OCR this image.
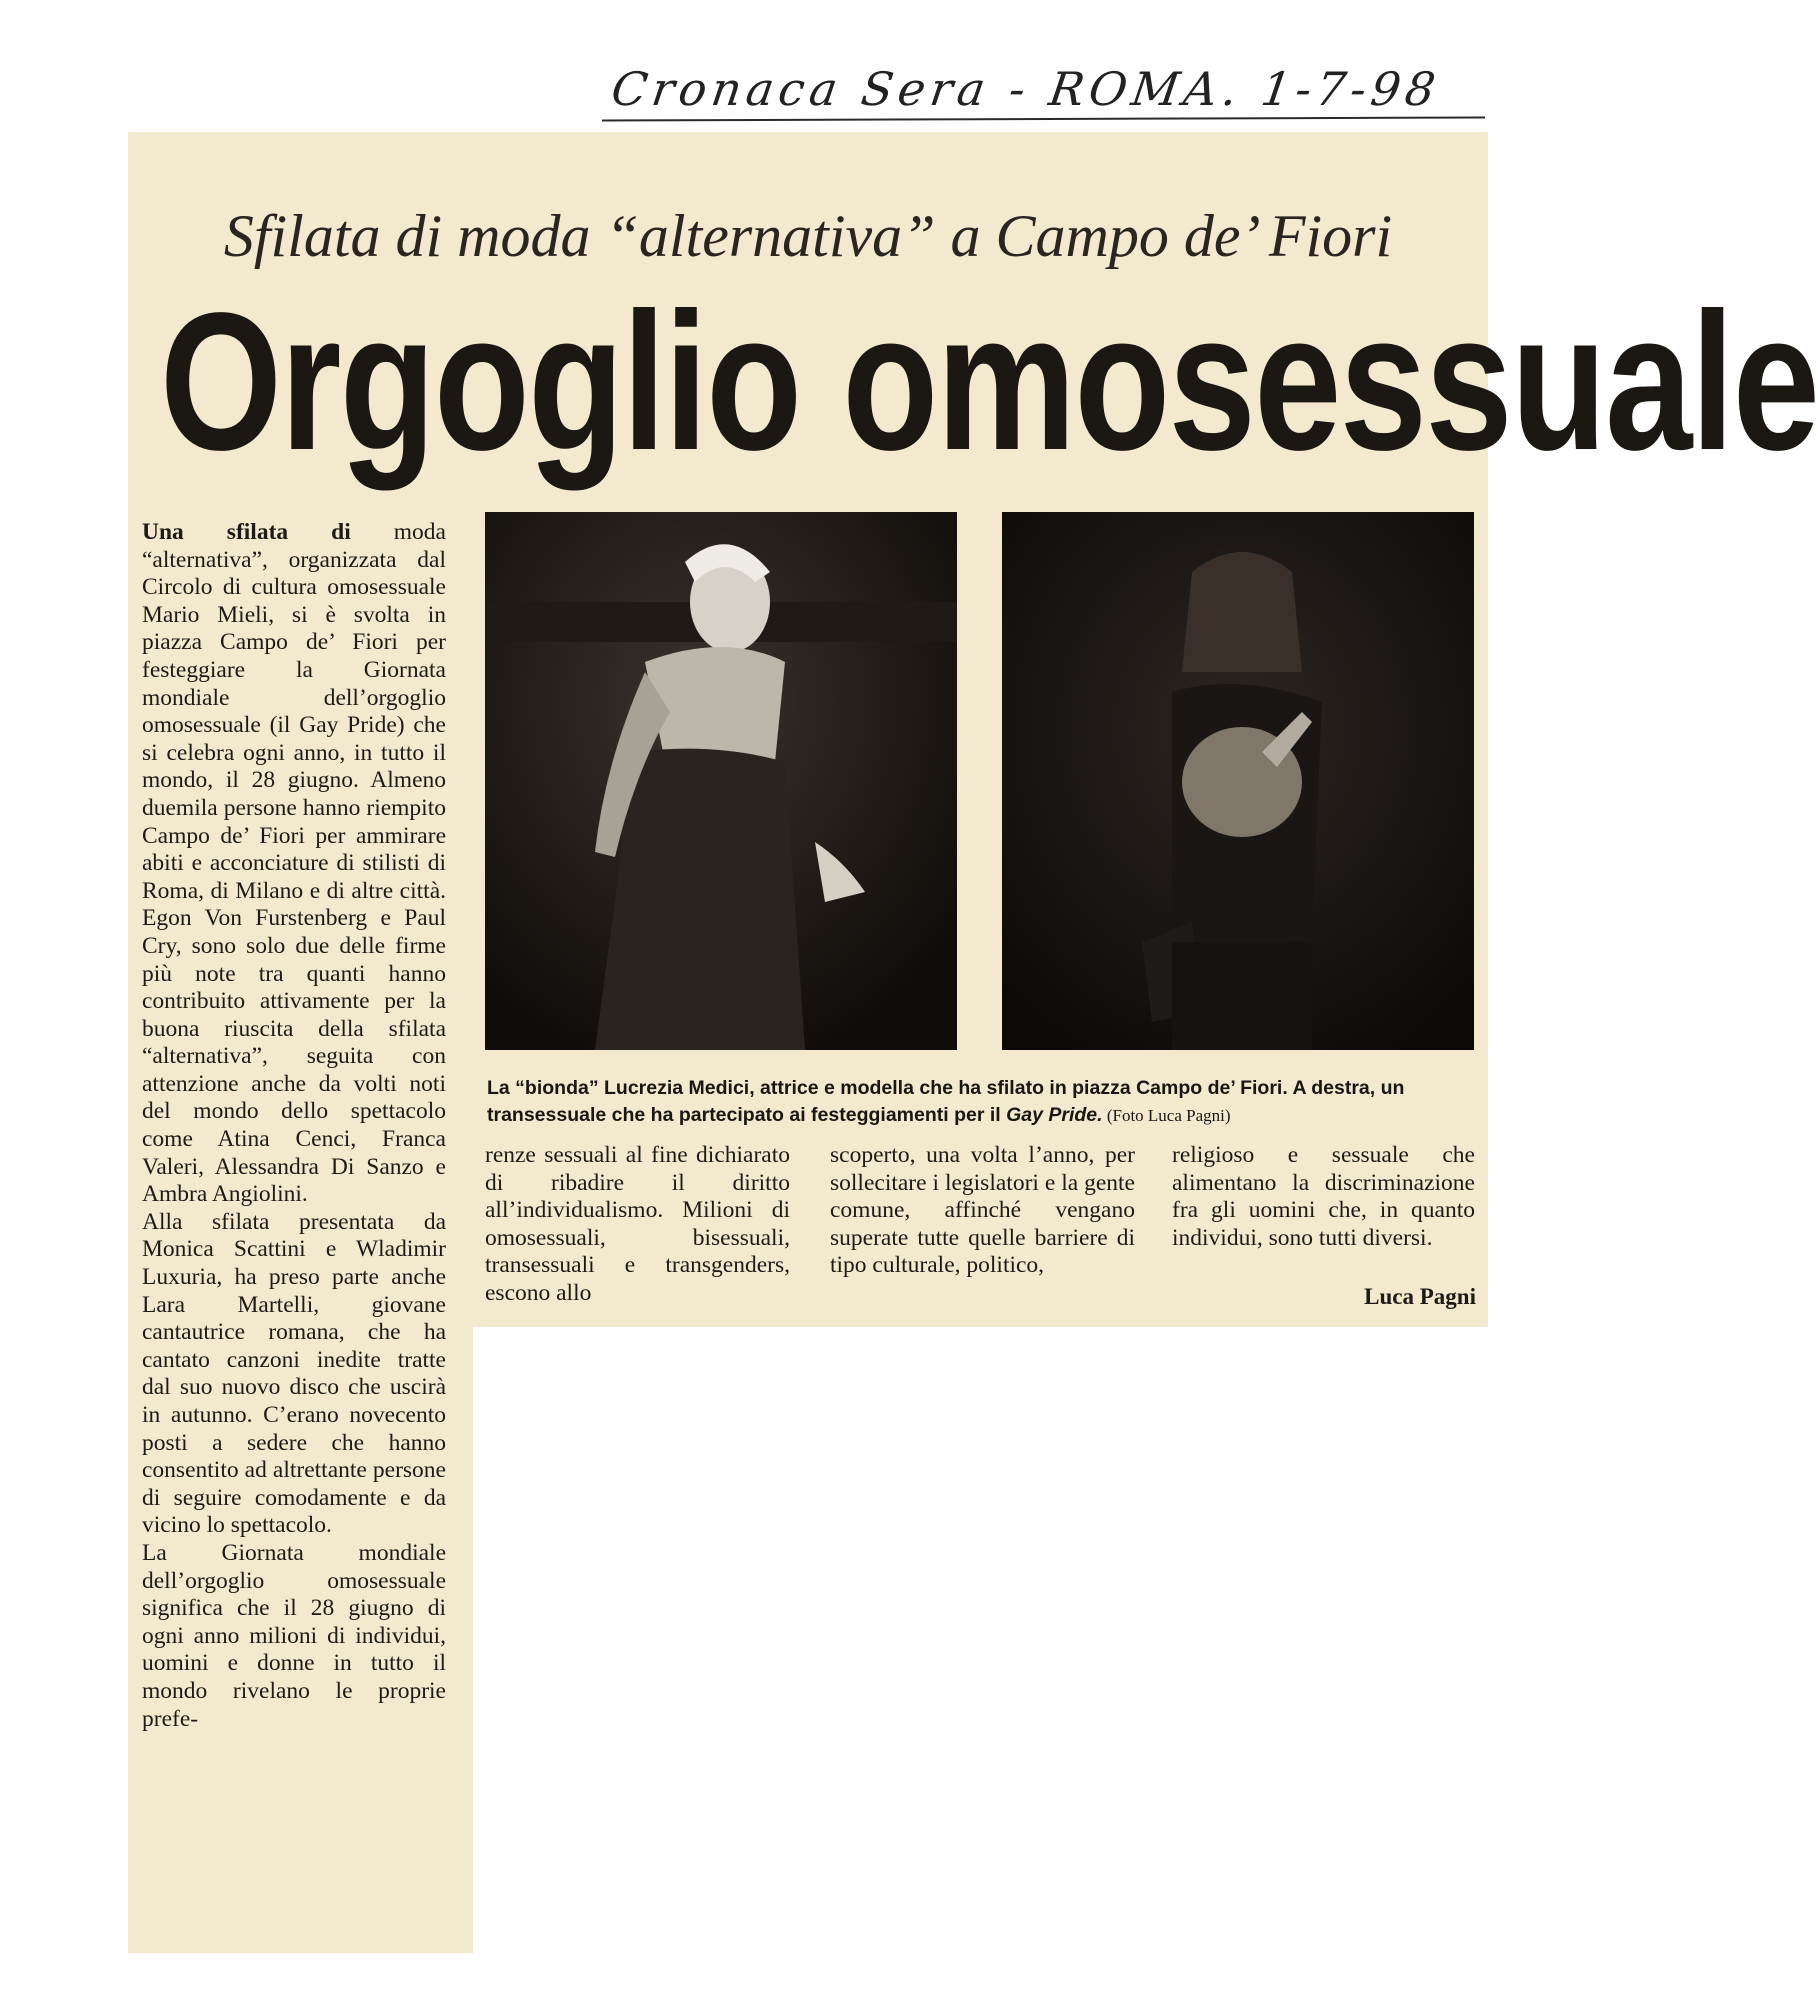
Cronaca Sera - ROMA. 1-7-98
Sfilata di moda “alternativa” a Campo de’ Fiori
Orgoglio omosessuale
Una sfilata di moda “alternativa”, organizzata dal Circolo di cultura omosessuale Mario Mieli, si è svolta in piazza Campo de’ Fiori per festeggiare la Giornata mondiale dell’orgoglio omosessuale (il Gay Pride) che si celebra ogni anno, in tutto il mondo, il 28 giugno. Almeno duemila persone hanno riempito Campo de’ Fiori per ammirare abiti e acconciature di stilisti di Roma, di Milano e di altre città. Egon Von Furstenberg e Paul Cry, sono solo due delle firme più note tra quanti hanno contribuito attivamente per la buona riuscita della sfilata “alternativa”, seguita con attenzione anche da volti noti del mondo dello spettacolo come Atina Cenci, Franca Valeri, Alessandra Di Sanzo e Ambra Angiolini.
Alla sfilata presentata da Monica Scattini e Wladimir Luxuria, ha preso parte anche Lara Martelli, giovane cantautrice romana, che ha cantato canzoni inedite tratte dal suo nuovo disco che uscirà in autunno. C’erano novecento posti a sedere che hanno consentito ad altrettante persone di seguire comodamente e da vicino lo spettacolo.
La Giornata mondiale dell’orgoglio omosessuale significa che il 28 giugno di ogni anno milioni di individui, uomini e donne in tutto il mondo rivelano le proprie prefe-
La “bionda” Lucrezia Medici, attrice e modella che ha sfilato in piazza Campo de’ Fiori. A destra, un transessuale che ha partecipato ai festeggiamenti per il Gay Pride. (Foto Luca Pagni)
renze sessuali al fine dichiarato di ribadire il diritto all’individualismo. Milioni di omosessuali, bisessuali, transessuali e transgenders, escono allo
scoperto, una volta l’anno, per sollecitare i legislatori e la gente comune, affinché vengano superate tutte quelle barriere di tipo culturale, politico,
religioso e sessuale che alimentano la discriminazione fra gli uomini che, in quanto individui, sono tutti diversi.
Luca Pagni
